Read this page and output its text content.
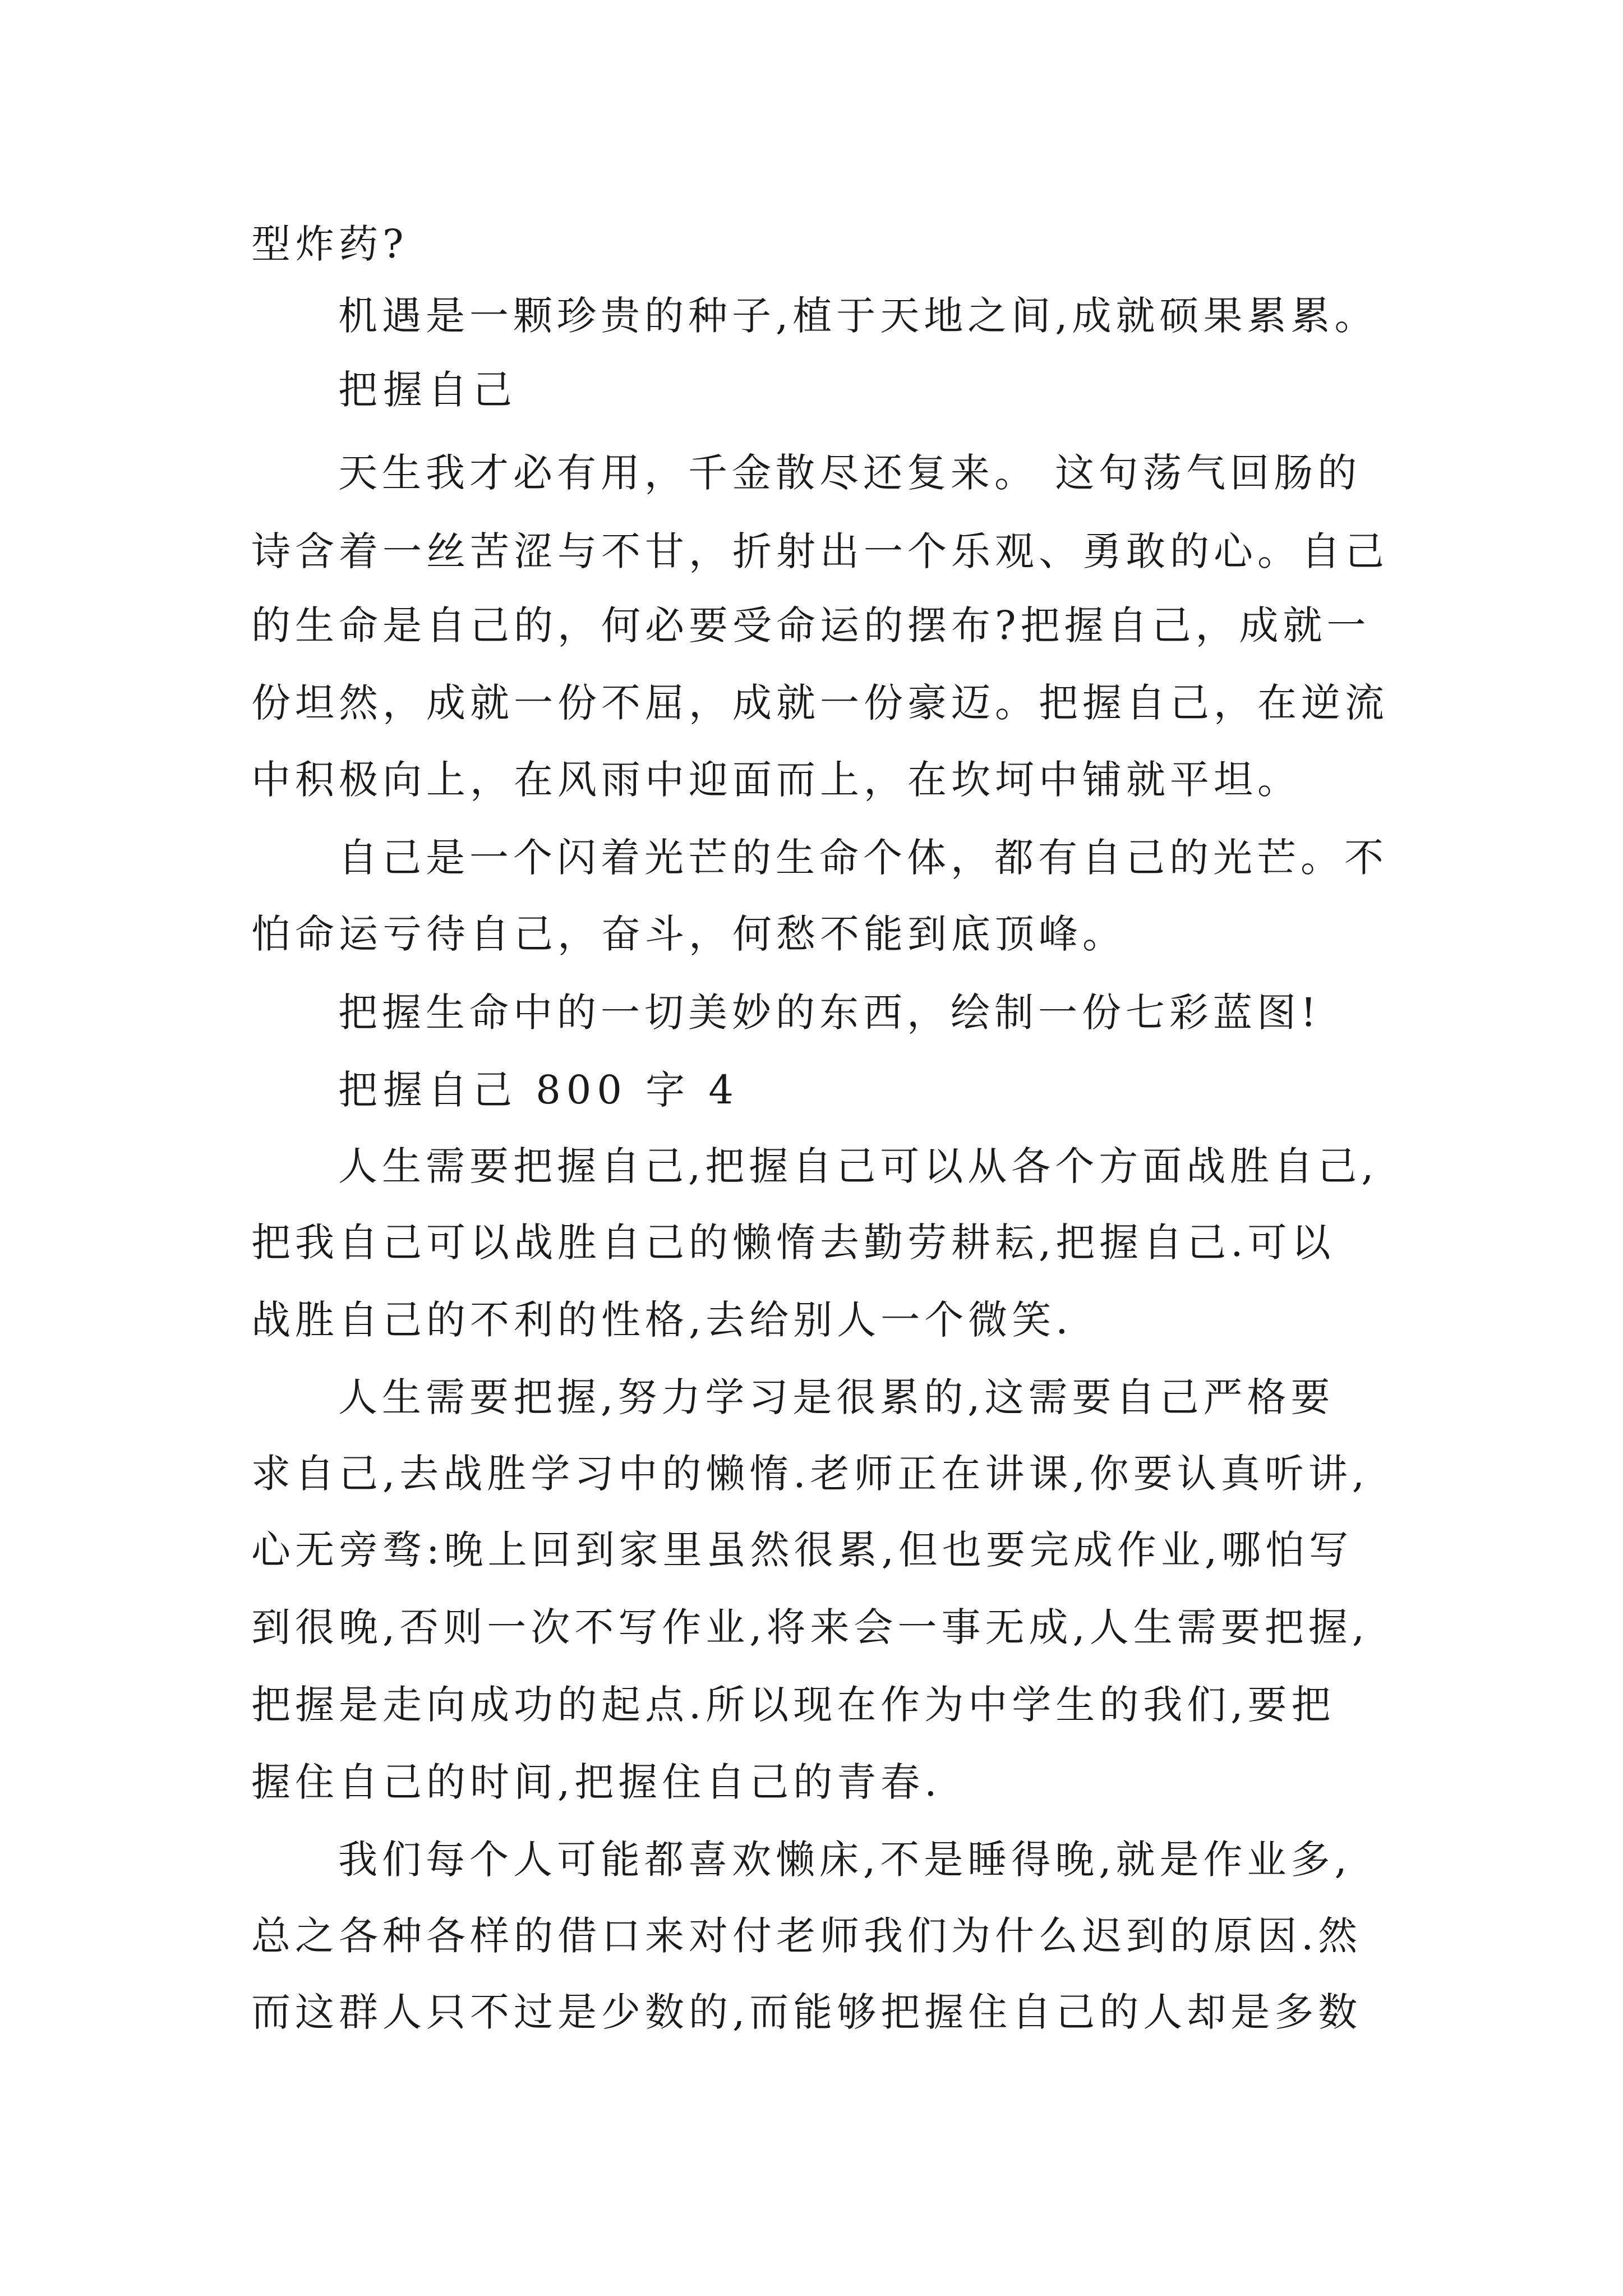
型炸药?
机遇是一颗珍贵的种子,植于天地之间,成就硕果累累。
把握自己
天生我才必有用，千金散尽还复来。 这句荡气回肠的
诗含着一丝苦涩与不甘，折射出一个乐观、勇敢的心。自己
的生命是自己的，何必要受命运的摆布?把握自己，成就一
份坦然，成就一份不屈，成就一份豪迈。把握自己，在逆流
中积极向上，在风雨中迎面而上，在坎坷中铺就平坦。
自己是一个闪着光芒的生命个体，都有自己的光芒。不
怕命运亏待自己，奋斗，何愁不能到底顶峰。
把握生命中的一切美妙的东西，绘制一份七彩蓝图!
把握自己 800 字 4
人生需要把握自己,把握自己可以从各个方面战胜自己,
把我自己可以战胜自己的懒惰去勤劳耕耘,把握自己.可以
战胜自己的不利的性格,去给别人一个微笑.
人生需要把握,努力学习是很累的,这需要自己严格要
求自己,去战胜学习中的懒惰.老师正在讲课,你要认真听讲,
心无旁骛:晚上回到家里虽然很累,但也要完成作业,哪怕写
到很晚,否则一次不写作业,将来会一事无成,人生需要把握,
把握是走向成功的起点.所以现在作为中学生的我们,要把
握住自己的时间,把握住自己的青春.
我们每个人可能都喜欢懒床,不是睡得晚,就是作业多,
总之各种各样的借口来对付老师我们为什么迟到的原因.然
而这群人只不过是少数的,而能够把握住自己的人却是多数
